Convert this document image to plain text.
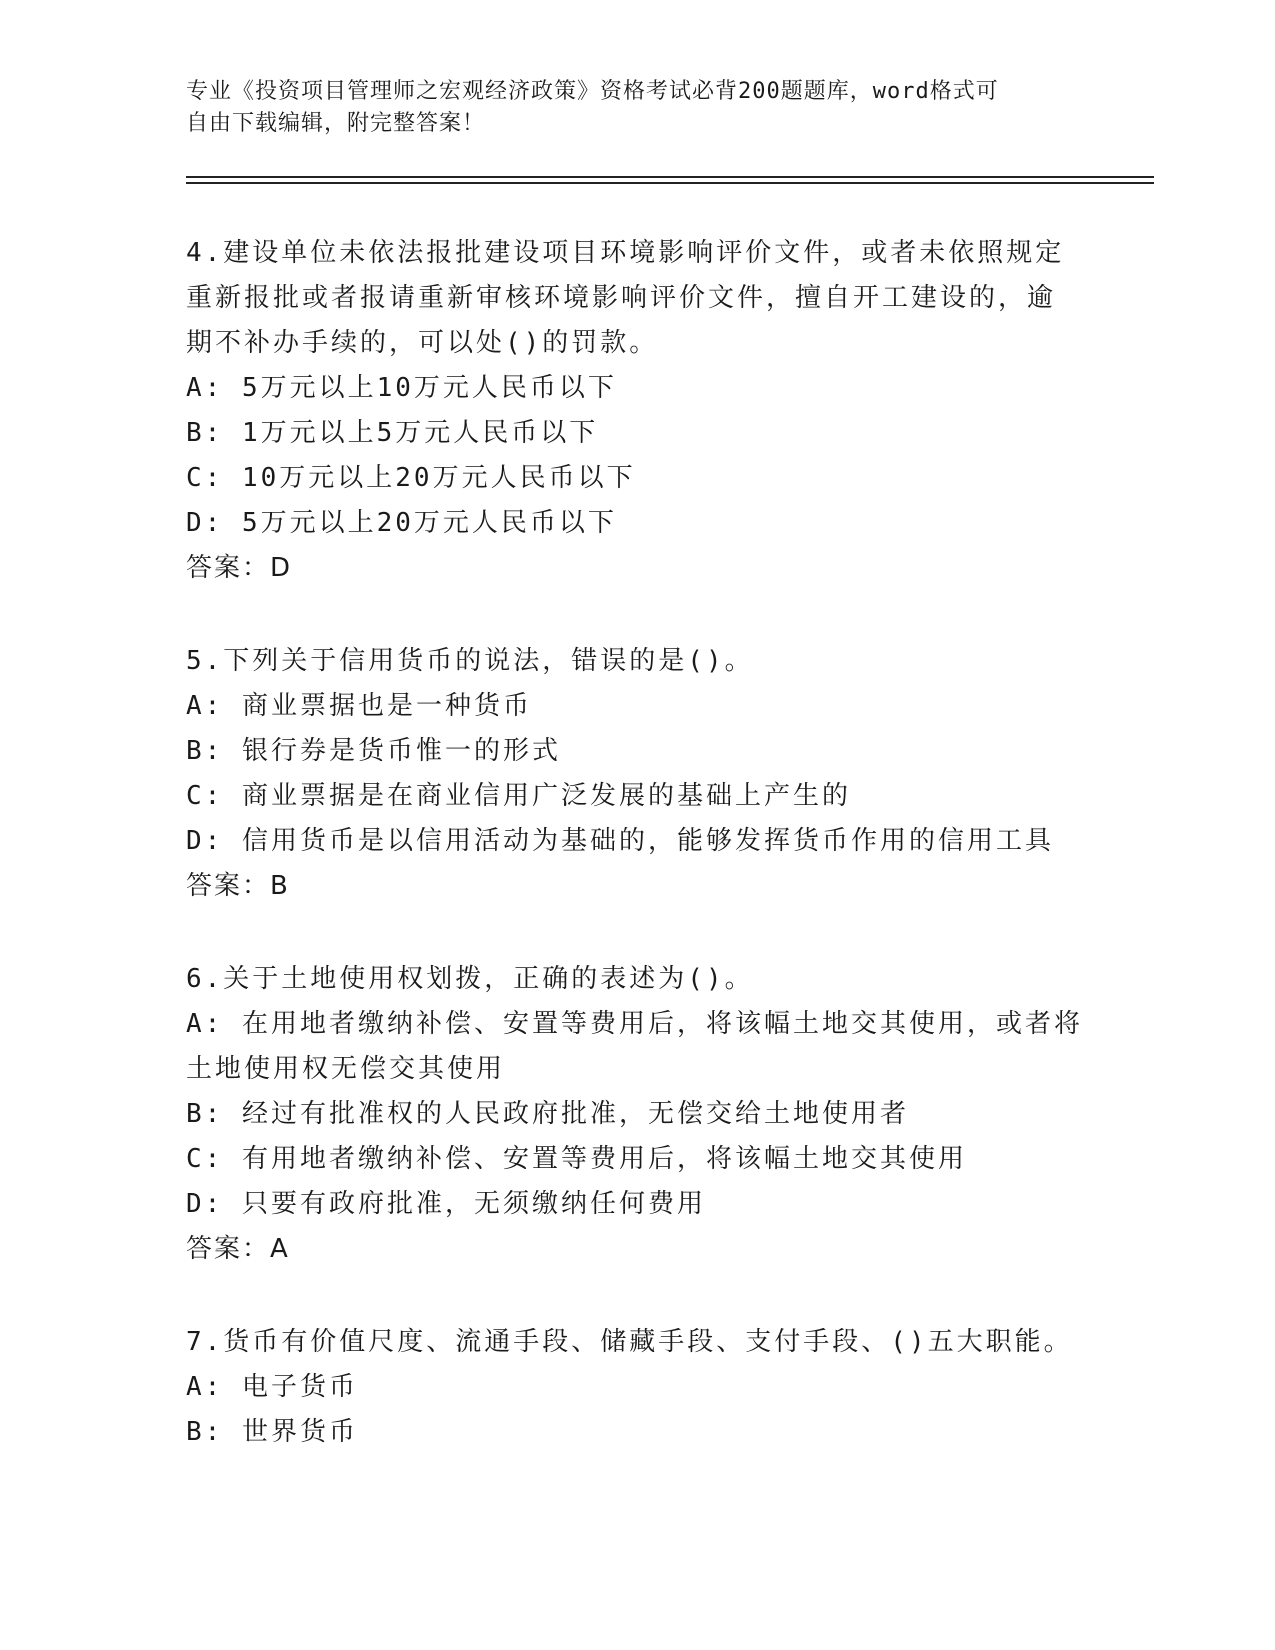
专业《投资项目管理师之宏观经济政策》资格考试必背200题题库，word格式可
自由下载编辑，附完整答案！
4.建设单位未依法报批建设项目环境影响评价文件，或者未依照规定
重新报批或者报请重新审核环境影响评价文件，擅自开工建设的，逾
期不补办手续的，可以处()的罚款。
A: 5万元以上10万元人民币以下
B: 1万元以上5万元人民币以下
C: 10万元以上20万元人民币以下
D: 5万元以上20万元人民币以下
答案：D
5.下列关于信用货币的说法，错误的是()。
A: 商业票据也是一种货币
B: 银行券是货币惟一的形式
C: 商业票据是在商业信用广泛发展的基础上产生的
D: 信用货币是以信用活动为基础的，能够发挥货币作用的信用工具
答案：B
6.关于土地使用权划拨，正确的表述为()。
A: 在用地者缴纳补偿、安置等费用后，将该幅土地交其使用，或者将
土地使用权无偿交其使用
B: 经过有批准权的人民政府批准，无偿交给土地使用者
C: 有用地者缴纳补偿、安置等费用后，将该幅土地交其使用
D: 只要有政府批准，无须缴纳任何费用
答案：A
7.货币有价值尺度、流通手段、储藏手段、支付手段、()五大职能。
A: 电子货币
B: 世界货币
